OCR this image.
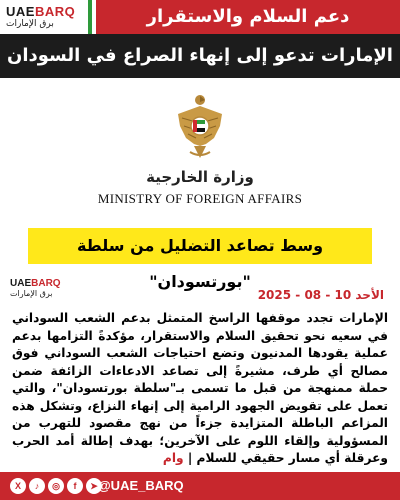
UAEBARQ
برق الإمارات	دعم السلام والاستقرار
الإمارات تدعو إلى إنهاء الصراع في السودان
وزارة الخارجية
MINISTRY OF FOREIGN AFFAIRS
وسط تصاعد التضليل من سلطة "بورتسودان"
UAEBARQ
برق الإمارات	الأحد 10 - 08 - 2025
الإمارات تجدد موقفها الراسخ المتمثل بدعم الشعب السوداني في سعيه نحو تحقيق السلام والاستقرار، مؤكدةً التزامها بدعم عملية يقودها المدنيون وتضع احتياجات الشعب السوداني فوق مصالح أي طرف، مشيرةً إلى تصاعد الادعاءات الزائفة ضمن حملة ممنهجة من قبل ما تسمى بـ"سلطة بورتسودان"، والتي تعمل على تقويض الجهود الرامية إلى إنهاء النزاع، وتشكل هذه المزاعم الباطلة المتزايدة جزءاً من نهج مقصود للتهرب من المسؤولية وإلقاء اللوم على الآخرين؛ بهدف إطالة أمد الحرب وعرقلة أي مسار حقيقي للسلام | وام
X	♪	◎	f	➤ @UAE_BARQ
